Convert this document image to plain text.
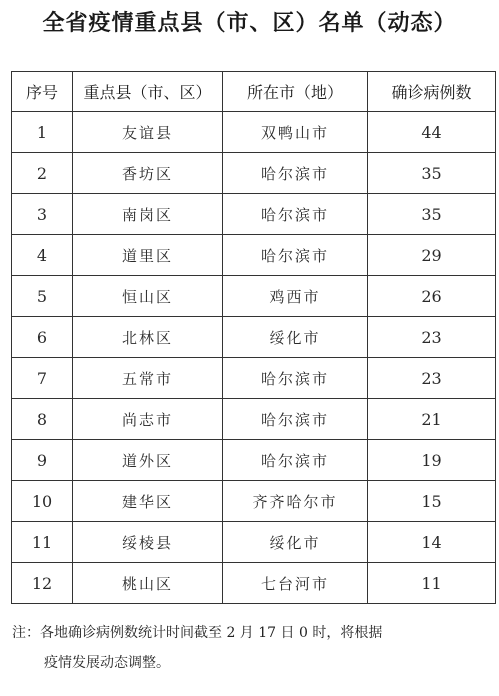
全省疫情重点县（市、区）名单（动态）
序号	重点县（市、区）	所在市（地）	确诊病例数
1	友谊县	双鸭山市	44
2	香坊区	哈尔滨市	35
3	南岗区	哈尔滨市	35
4	道里区	哈尔滨市	29
5	恒山区	鸡西市	26
6	北林区	绥化市	23
7	五常市	哈尔滨市	23
8	尚志市	哈尔滨市	21
9	道外区	哈尔滨市	19
10	建华区	齐齐哈尔市	15
11	绥棱县	绥化市	14
12	桃山区	七台河市	11
注：各地确诊病例数统计时间截至 2 月 17 日 0 时，将根据
疫情发展动态调整。
